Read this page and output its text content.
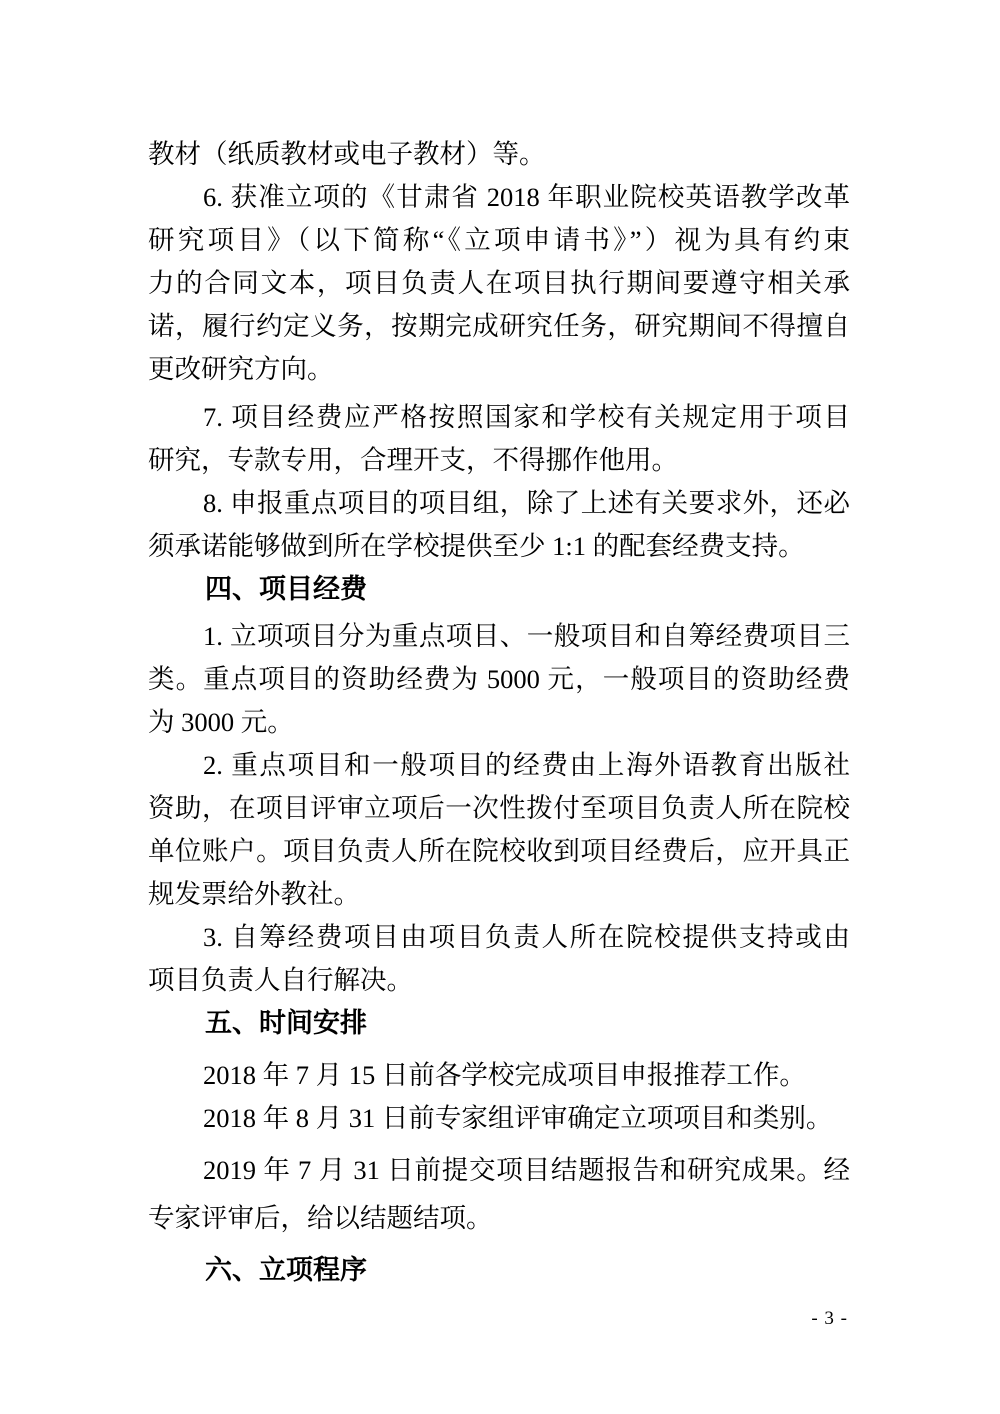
教材（纸质教材或电子教材）等。
6. 获准立项的《甘肃省 2018 年职业院校英语教学改革
研究项目》（以下简称“《立项申请书》”）视为具有约束
力的合同文本，项目负责人在项目执行期间要遵守相关承
诺，履行约定义务，按期完成研究任务，研究期间不得擅自
更改研究方向。
7. 项目经费应严格按照国家和学校有关规定用于项目
研究，专款专用，合理开支，不得挪作他用。
8. 申报重点项目的项目组，除了上述有关要求外，还必
须承诺能够做到所在学校提供至少 1:1 的配套经费支持。
四、项目经费
1. 立项项目分为重点项目、一般项目和自筹经费项目三
类。重点项目的资助经费为 5000 元，一般项目的资助经费
为 3000 元。
2. 重点项目和一般项目的经费由上海外语教育出版社
资助，在项目评审立项后一次性拨付至项目负责人所在院校
单位账户。项目负责人所在院校收到项目经费后，应开具正
规发票给外教社。
3. 自筹经费项目由项目负责人所在院校提供支持或由
项目负责人自行解决。
五、时间安排
2018 年 7 月 15 日前各学校完成项目申报推荐工作。
2018 年 8 月 31 日前专家组评审确定立项项目和类别。
2019 年 7 月 31 日前提交项目结题报告和研究成果。经
专家评审后，给以结题结项。
六、立项程序
- 3 -
